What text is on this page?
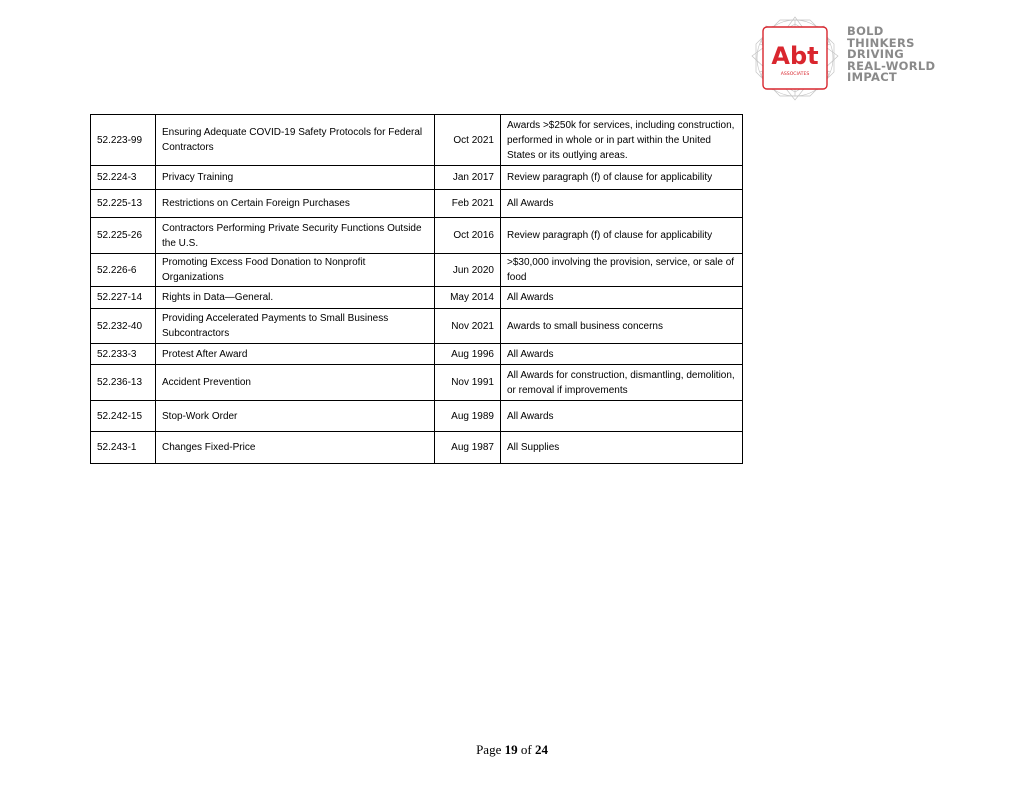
Abt
ASSOCIATES
BOLD
THINKERS
DRIVING
REAL-WORLD
IMPACT
52.223-99	Ensuring Adequate COVID-19 Safety Protocols for Federal Contractors	Oct 2021	Awards >$250k for services, including construction, performed in whole or in part within the United States or its outlying areas.
52.224-3	Privacy Training	Jan 2017	Review paragraph (f) of clause for applicability
52.225-13	Restrictions on Certain Foreign Purchases	Feb 2021	All Awards
52.225-26	Contractors Performing Private Security Functions Outside the U.S.	Oct 2016	Review paragraph (f) of clause for applicability
52.226-6	Promoting Excess Food Donation to Nonprofit Organizations	Jun 2020	>$30,000 involving the provision, service, or sale of food
52.227-14	Rights in Data—General.	May 2014	All Awards
52.232-40	Providing Accelerated Payments to Small Business Subcontractors	Nov 2021	Awards to small business concerns
52.233-3	Protest After Award	Aug 1996	All Awards
52.236-13	Accident Prevention	Nov 1991	All Awards for construction, dismantling, demolition, or removal if improvements
52.242-15	Stop-Work Order	Aug 1989	All Awards
52.243-1	Changes Fixed-Price	Aug 1987	All Supplies
Page 19 of 24
